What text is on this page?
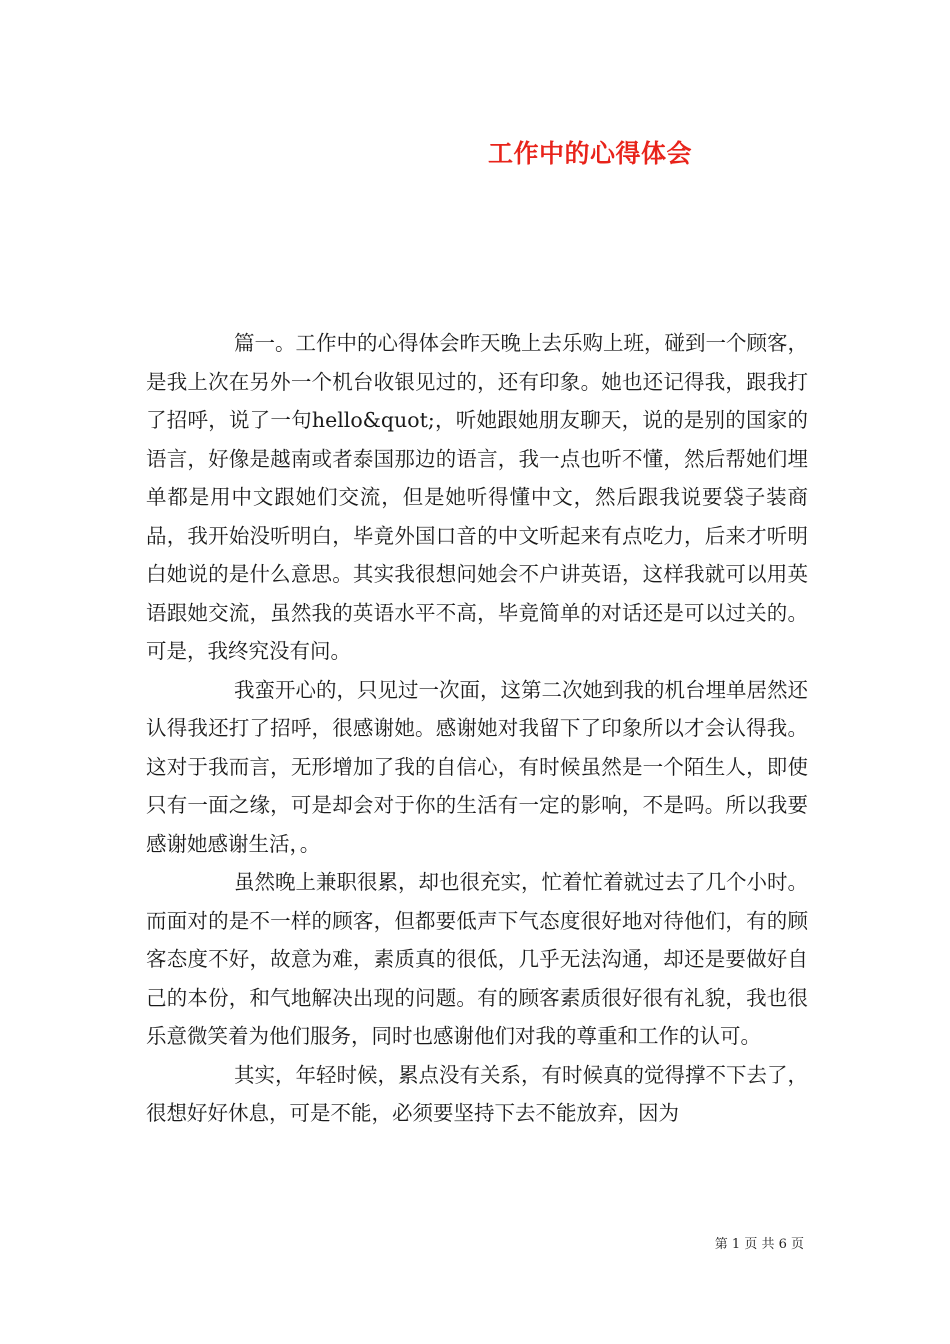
工作中的心得体会

篇一。工作中的心得体会昨天晚上去乐购上班，碰到一个顾客，是我上次在另外一个机台收银见过的，还有印象。她也还记得我，跟我打了招呼，说了一句hello&quot;，听她跟她朋友聊天，说的是别的国家的语言，好像是越南或者泰国那边的语言，我一点也听不懂，然后帮她们埋单都是用中文跟她们交流，但是她听得懂中文，然后跟我说要袋子装商品，我开始没听明白，毕竟外国口音的中文听起来有点吃力，后来才听明白她说的是什么意思。其实我很想问她会不户讲英语，这样我就可以用英语跟她交流，虽然我的英语水平不高，毕竟简单的对话还是可以过关的。可是，我终究没有问。

我蛮开心的，只见过一次面，这第二次她到我的机台埋单居然还认得我还打了招呼，很感谢她。感谢她对我留下了印象所以才会认得我。这对于我而言，无形增加了我的自信心，有时候虽然是一个陌生人，即使只有一面之缘，可是却会对于你的生活有一定的影响，不是吗。所以我要感谢她感谢生活，。

虽然晚上兼职很累，却也很充实，忙着忙着就过去了几个小时。而面对的是不一样的顾客，但都要低声下气态度很好地对待他们，有的顾客态度不好，故意为难，素质真的很低，几乎无法沟通，却还是要做好自己的本份，和气地解决出现的问题。有的顾客素质很好很有礼貌，我也很乐意微笑着为他们服务，同时也感谢他们对我的尊重和工作的认可。

其实，年轻时候，累点没有关系，有时候真的觉得撑不下去了，很想好好休息，可是不能，必须要坚持下去不能放弃，因为

第 1 页 共 6 页
